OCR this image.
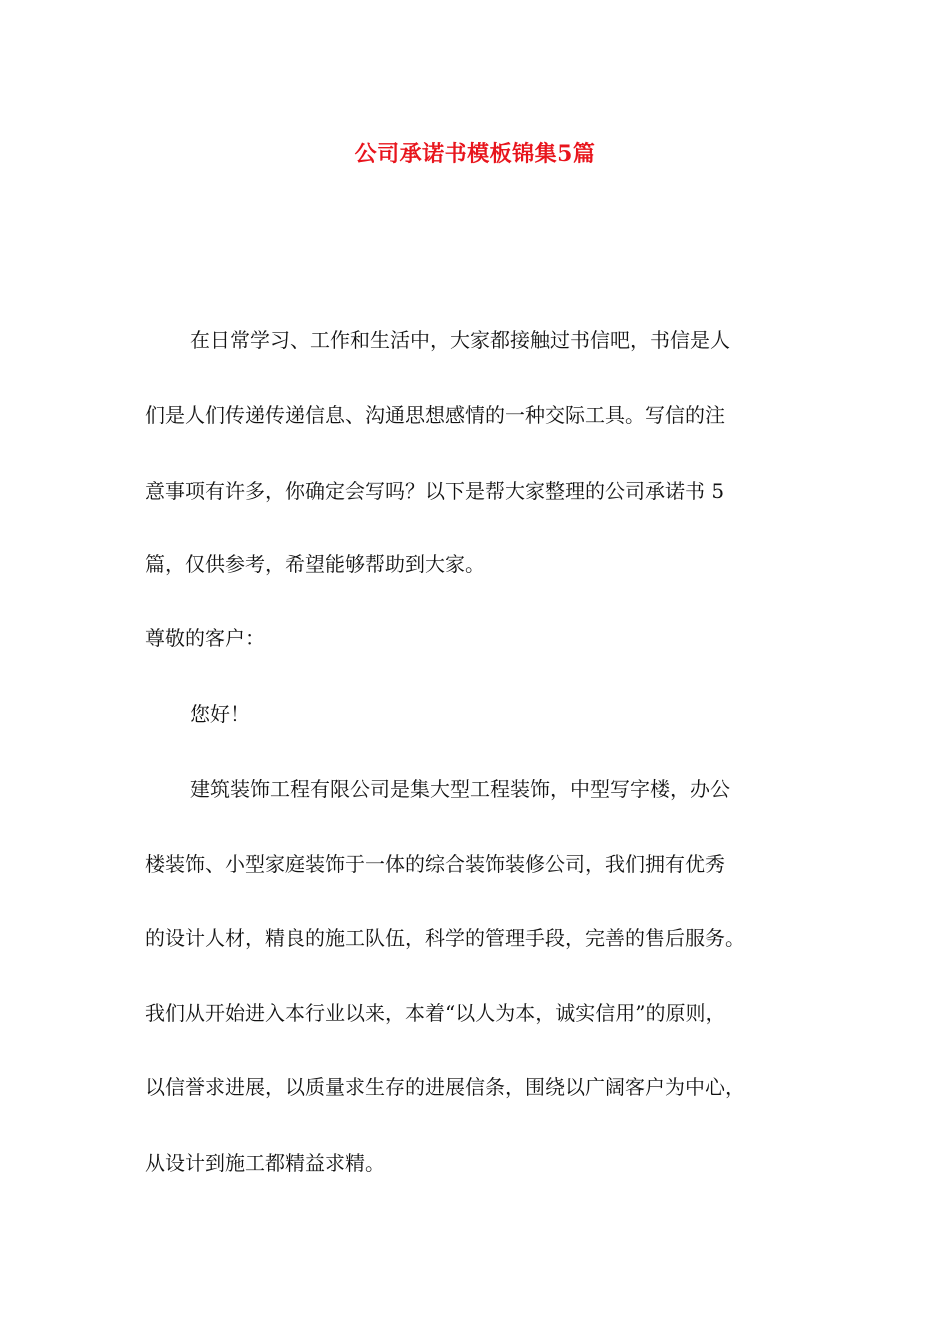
公司承诺书模板锦集5篇

在日常学习、工作和生活中，大家都接触过书信吧，书信是人

们是人们传递传递信息、沟通思想感情的一种交际工具。写信的注

意事项有许多，你确定会写吗？以下是帮大家整理的公司承诺书 5

篇，仅供参考，希望能够帮助到大家。

尊敬的客户：

您好！

建筑装饰工程有限公司是集大型工程装饰，中型写字楼，办公

楼装饰、小型家庭装饰于一体的综合装饰装修公司，我们拥有优秀

的设计人材，精良的施工队伍，科学的管理手段，完善的售后服务。

我们从开始进入本行业以来，本着“以人为本，诚实信用”的原则，

以信誉求进展，以质量求生存的进展信条，围绕以广阔客户为中心，

从设计到施工都精益求精。
